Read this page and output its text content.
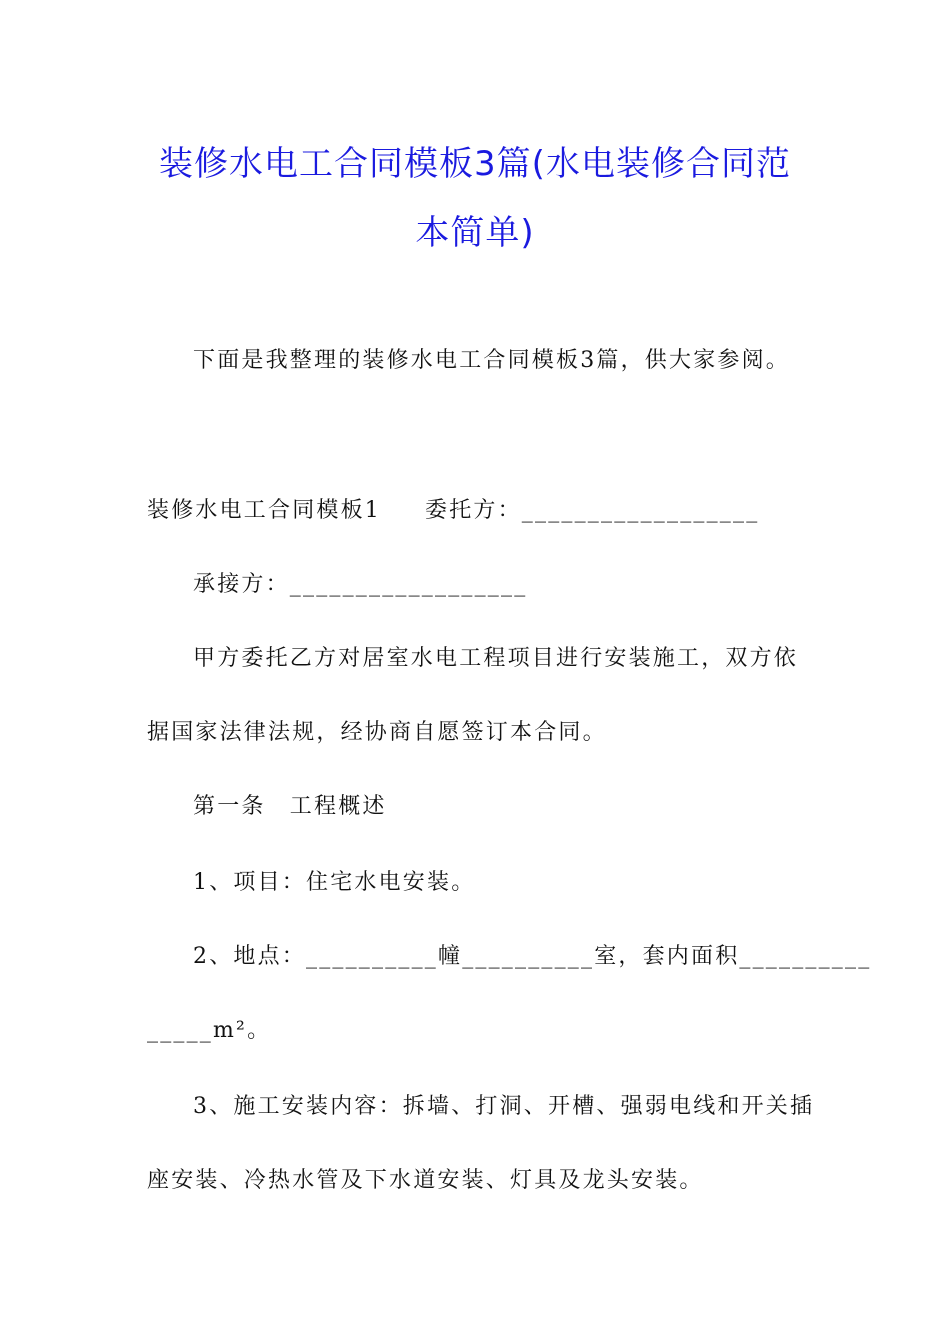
装修水电工合同模板3篇(水电装修合同范
本简单)
下面是我整理的装修水电工合同模板3篇，供大家参阅。
装修水电工合同模板1 委托方：__________________
承接方：__________________
甲方委托乙方对居室水电工程项目进行安装施工，双方依
据国家法律法规，经协商自愿签订本合同。
第一条　工程概述
1、项目：住宅水电安装。
2、地点：__________幢__________室，套内面积__________
_____m²。
3、施工安装内容：拆墙、打洞、开槽、强弱电线和开关插
座安装、冷热水管及下水道安装、灯具及龙头安装。
